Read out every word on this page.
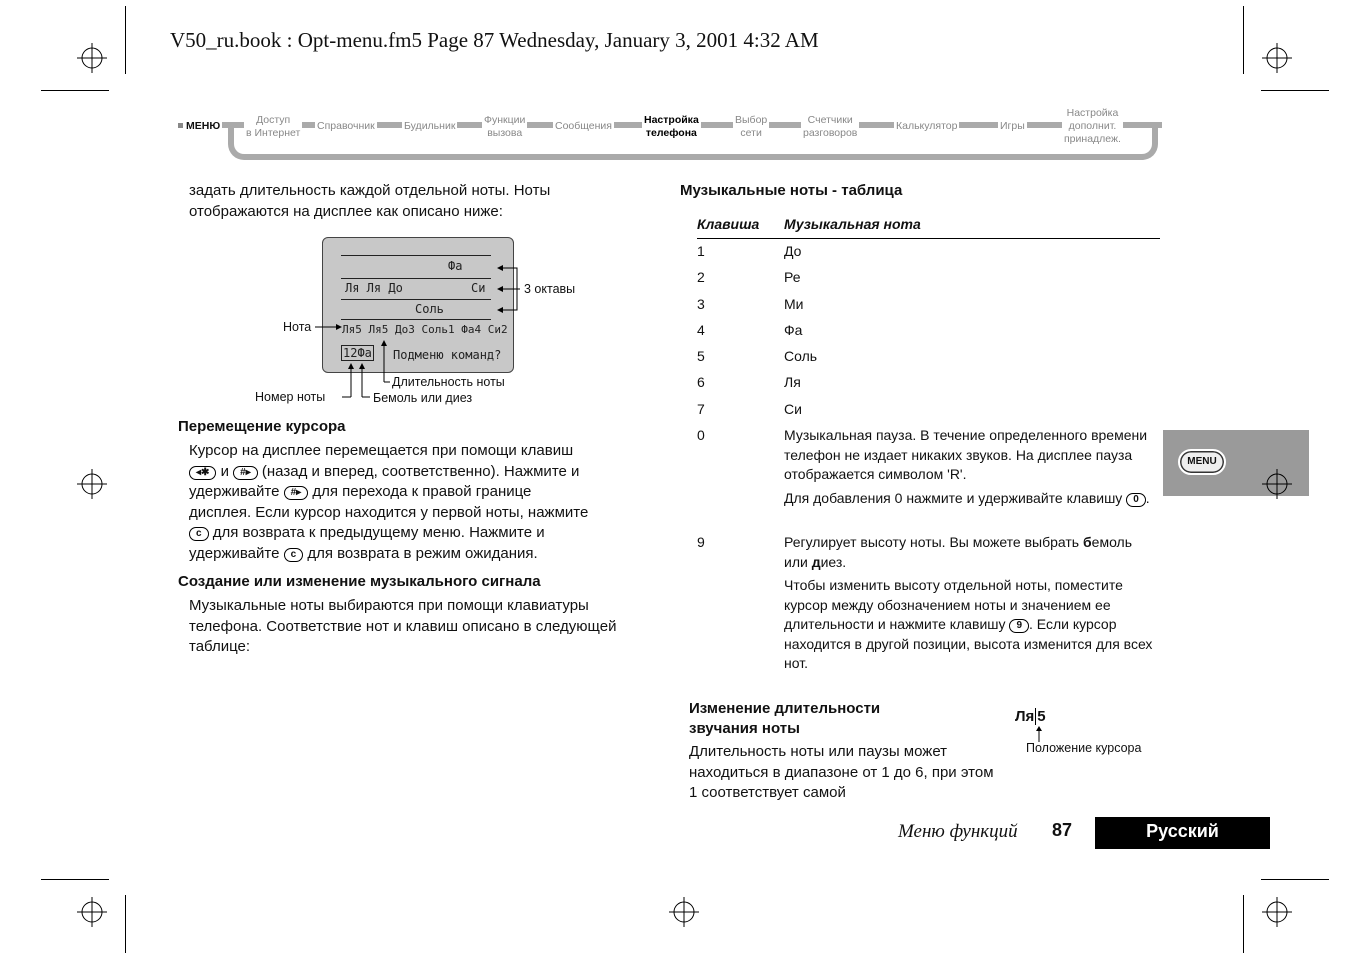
V50_ru.book : Opt-menu.fm5 Page 87 Wednesday, January 3, 2001 4:32 AM
МЕНЮ	Доступ
в Интернет
Справочник	Будильник	Функции
вызова
Сообщения	Настройка
телефона
Выбор
сети
Счетчики
разговоров
Калькулятор	Игры
Настройка
дополнит.
принадлеж.

задать длительность каждой отдельной ноты. Ноты отображаются на дисплее как описано ниже:

Фа
Ля Ля До	Си
Соль
Ля5 Ля5 До3 Соль1 Фа4 Си2
12Фа Подменю команд?
3 октавы
Нота
Номер ноты
Длительность ноты
Бемоль или диез
Перемещение курсора
Курсор на дисплее перемещается при помощи клавиш
◂✱ и #▸ (назад и вперед, соответственно). Нажмите и
удерживайте #▸ для перехода к правой границе
дисплея. Если курсор находится у первой ноты, нажмите
c для возврата к предыдущему меню. Нажмите и
удерживайте c для возврата в режим ожидания.
Создание или изменение музыкального сигнала

Музыкальные ноты выбираются при помощи клавиатуры телефона. Соответствие нот и клавиш описано в следующей таблице:

Музыкальные ноты - таблица
Клавиша Музыкальная нота
1	До
2	Ре
3	Ми
4	Фа
5	Соль
6	Ля
7	Си
0	Музыкальная пауза. В течение определенного времени телефон не издает никаких звуков. На дисплее пауза отображается символом 'R'.

Для добавления 0 нажмите и удерживайте клавишу 0 .

9	Регулирует высоту ноты. Вы можете выбрать бемоль или диез.

Чтобы изменить высоту отдельной ноты, поместите курсор между обозначением ноты и значением ее длительности и нажмите клавишу 9 . Если курсор находится в другой позиции, высота изменится для всех нот.

Изменение длительности
звучания ноты

Длительность ноты или паузы может находиться в диапазоне от 1 до 6, при этом 1 соответствует самой

Ля 5
Положение курсора
MENU
Меню функций 87	Русский
